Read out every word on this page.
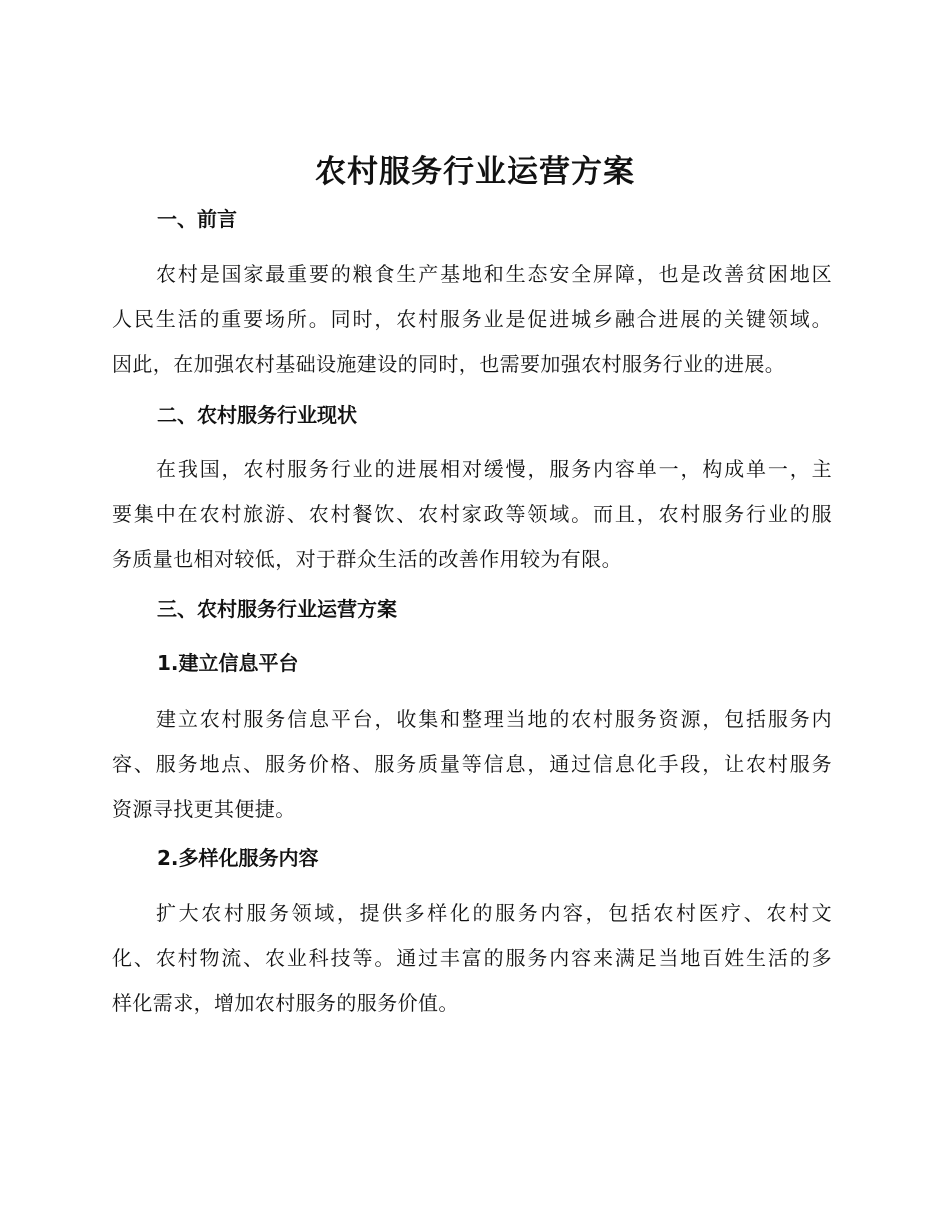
农村服务行业运营方案
一、前言
农村是国家最重要的粮食生产基地和生态安全屏障，也是改善贫困地区
人民生活的重要场所。同时，农村服务业是促进城乡融合进展的关键领域。
因此，在加强农村基础设施建设的同时，也需要加强农村服务行业的进展。
二、农村服务行业现状
在我国，农村服务行业的进展相对缓慢，服务内容单一，构成单一，主
要集中在农村旅游、农村餐饮、农村家政等领域。而且，农村服务行业的服
务质量也相对较低，对于群众生活的改善作用较为有限。
三、农村服务行业运营方案
1.建立信息平台
建立农村服务信息平台，收集和整理当地的农村服务资源，包括服务内
容、服务地点、服务价格、服务质量等信息，通过信息化手段，让农村服务
资源寻找更其便捷。
2.多样化服务内容
扩大农村服务领域，提供多样化的服务内容，包括农村医疗、农村文
化、农村物流、农业科技等。通过丰富的服务内容来满足当地百姓生活的多
样化需求，增加农村服务的服务价值。
